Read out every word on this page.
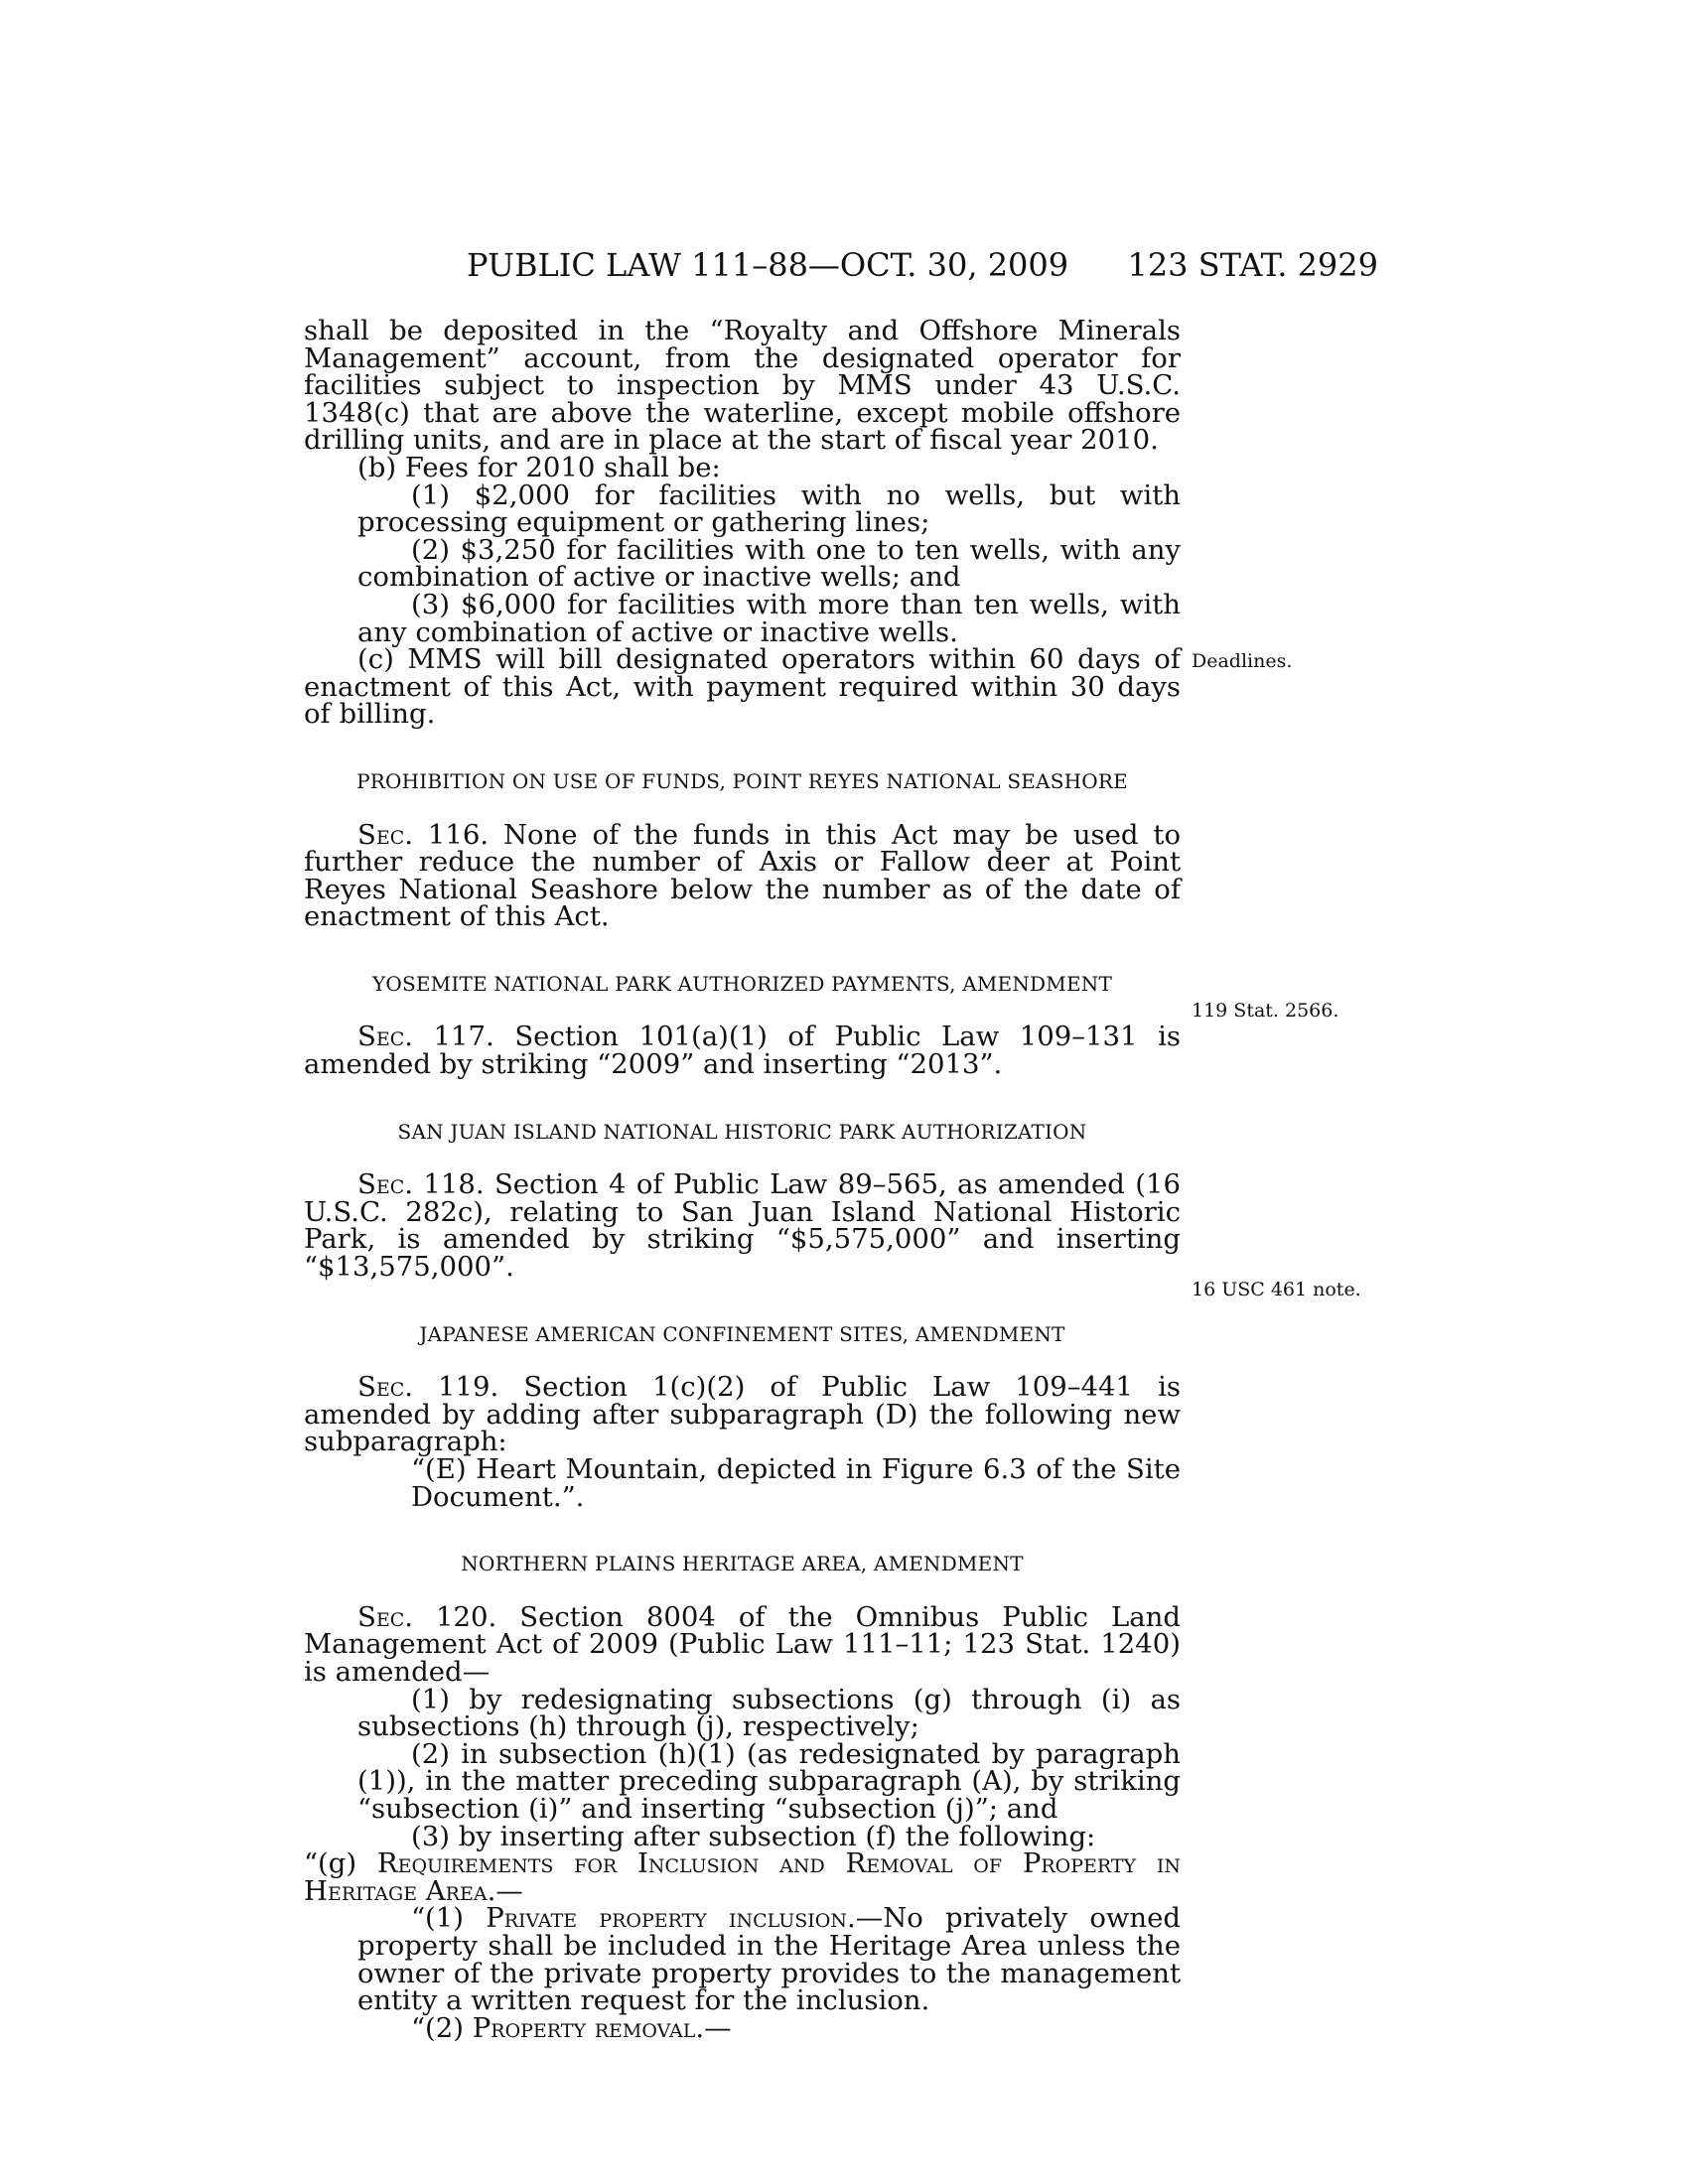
PUBLIC LAW 111–88—OCT. 30, 2009 123 STAT. 2929
Deadlines.
119 Stat. 2566.
16 USC 461 note.

shall be deposited in the “Royalty and Offshore Minerals Management” account, from the designated operator for facilities subject to inspection by MMS under 43 U.S.C. 1348(c) that are above the waterline, except mobile offshore drilling units, and are in place at the start of fiscal year 2010.

(b) Fees for 2010 shall be:

(1) $2,000 for facilities with no wells, but with processing equipment or gathering lines;

(2) $3,250 for facilities with one to ten wells, with any combination of active or inactive wells; and

(3) $6,000 for facilities with more than ten wells, with any combination of active or inactive wells.

(c) MMS will bill designated operators within 60 days of enactment of this Act, with payment required within 30 days of billing.

PROHIBITION ON USE OF FUNDS, POINT REYES NATIONAL SEASHORE

Sec. 116. None of the funds in this Act may be used to further reduce the number of Axis or Fallow deer at Point Reyes National Seashore below the number as of the date of enactment of this Act.

YOSEMITE NATIONAL PARK AUTHORIZED PAYMENTS, AMENDMENT

Sec. 117. Section 101(a)(1) of Public Law 109–131 is amended by striking “2009” and inserting “2013”.

SAN JUAN ISLAND NATIONAL HISTORIC PARK AUTHORIZATION

Sec. 118. Section 4 of Public Law 89–565, as amended (16 U.S.C. 282c), relating to San Juan Island National Historic Park, is amended by striking “$5,575,000” and inserting “$13,575,000”.

JAPANESE AMERICAN CONFINEMENT SITES, AMENDMENT

Sec. 119. Section 1(c)(2) of Public Law 109–441 is amended by adding after subparagraph (D) the following new subparagraph:

“(E) Heart Mountain, depicted in Figure 6.3 of the Site Document.”.

NORTHERN PLAINS HERITAGE AREA, AMENDMENT

Sec. 120. Section 8004 of the Omnibus Public Land Management Act of 2009 (Public Law 111–11; 123 Stat. 1240) is amended—

(1) by redesignating subsections (g) through (i) as subsections (h) through (j), respectively;

(2) in subsection (h)(1) (as redesignated by paragraph (1)), in the matter preceding subparagraph (A), by striking “subsection (i)” and inserting “subsection (j)”; and

(3) by inserting after subsection (f) the following:

“(g) Requirements for Inclusion and Removal of Property in Heritage Area.—

“(1) Private property inclusion.—No privately owned property shall be included in the Heritage Area unless the owner of the private property provides to the management entity a written request for the inclusion.

“(2) Property removal.—
